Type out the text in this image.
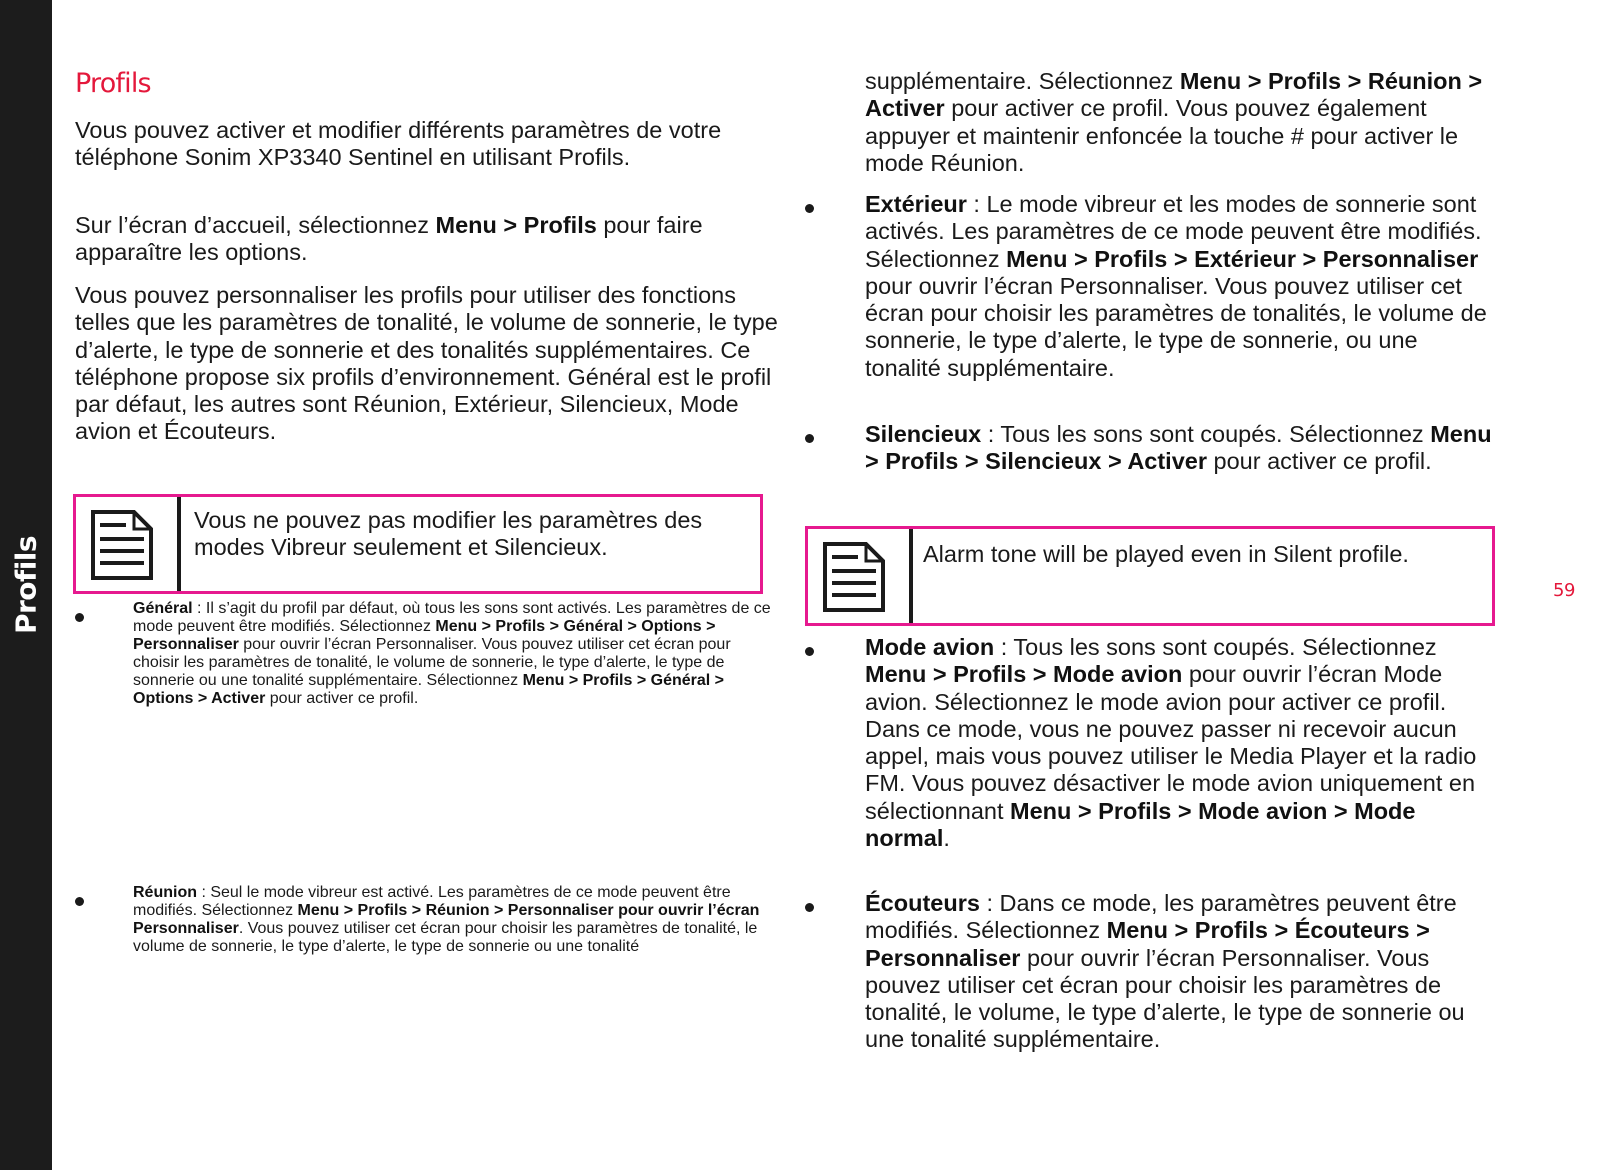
Profils
Profils

Vous pouvez activer et modifier différents paramètres de votre téléphone Sonim XP3340 Sentinel en utilisant Profils.

Sur l’écran d’accueil, sélectionnez Menu > Profils pour faire apparaître les options.

Vous pouvez personnaliser les profils pour utiliser des fonctions telles que les paramètres de tonalité, le volume de sonnerie, le type d’alerte, le type de sonnerie et des tonalités supplémentaires. Ce téléphone propose six profils d’environnement. Général est le profil par défaut, les autres sont Réunion, Extérieur, Silencieux, Mode avion et Écouteurs.

Vous ne pouvez pas modifier les paramètres des modes Vibreur seulement et Silencieux.
Général : Il s’agit du profil par défaut, où tous les sons sont activés. Les paramètres de ce mode peuvent être modifiés. Sélectionnez Menu > Profils > Général > Options > Personnaliser pour ouvrir l’écran Personnaliser. Vous pouvez utiliser cet écran pour choisir les paramètres de tonalité, le volume de sonnerie, le type d’alerte, le type de sonnerie ou une tonalité supplémentaire. Sélectionnez Menu > Profils > Général > Options > Activer pour activer ce profil.
Réunion : Seul le mode vibreur est activé. Les paramètres de ce mode peuvent être modifiés. Sélectionnez Menu > Profils > Réunion > Personnaliser pour ouvrir l’écran Personnaliser. Vous pouvez utiliser cet écran pour choisir les paramètres de tonalité, le volume de sonnerie, le type d’alerte, le type de sonnerie ou une tonalité
supplémentaire. Sélectionnez Menu > Profils > Réunion > Activer pour activer ce profil. Vous pouvez également appuyer et maintenir enfoncée la touche # pour activer le mode Réunion.
Extérieur : Le mode vibreur et les modes de sonnerie sont activés. Les paramètres de ce mode peuvent être modifiés. Sélectionnez Menu > Profils > Extérieur > Personnaliser pour ouvrir l’écran Personnaliser. Vous pouvez utiliser cet écran pour choisir les paramètres de tonalités, le volume de sonnerie, le type d’alerte, le type de sonnerie, ou une tonalité supplémentaire.
Silencieux : Tous les sons sont coupés. Sélectionnez Menu > Profils > Silencieux > Activer pour activer ce profil.
Alarm tone will be played even in Silent profile.
Mode avion : Tous les sons sont coupés. Sélectionnez Menu > Profils > Mode avion pour ouvrir l’écran Mode avion. Sélectionnez le mode avion pour activer ce profil. Dans ce mode, vous ne pouvez passer ni recevoir aucun appel, mais vous pouvez utiliser le Media Player et la radio FM. Vous pouvez désactiver le mode avion uniquement en sélectionnant Menu > Profils > Mode avion > Mode normal.
Écouteurs : Dans ce mode, les paramètres peuvent être modifiés. Sélectionnez Menu > Profils > Écouteurs > Personnaliser pour ouvrir l’écran Personnaliser. Vous pouvez utiliser cet écran pour choisir les paramètres de tonalité, le volume, le type d’alerte, le type de sonnerie ou une tonalité supplémentaire.
59
